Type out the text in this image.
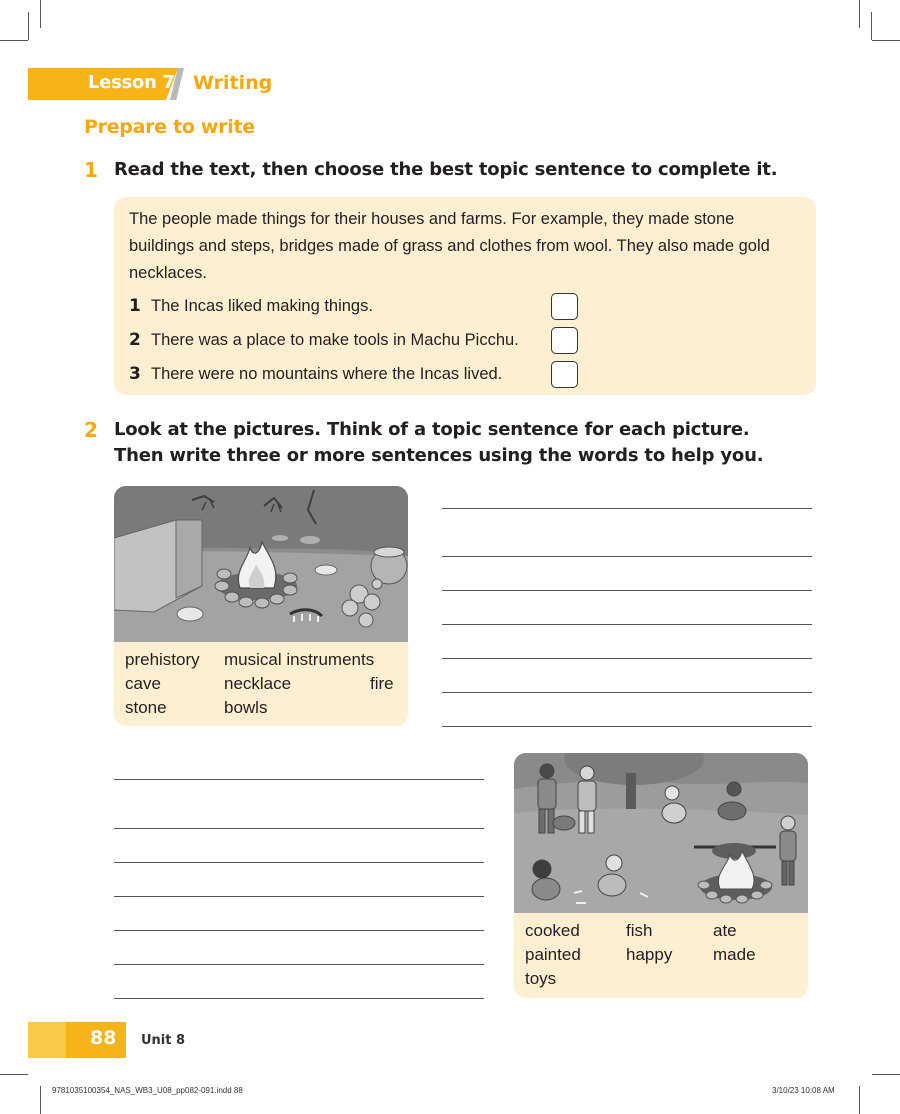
Lesson 7 Writing
Prepare to write
1 Read the text, then choose the best topic sentence to complete it.
The people made things for their houses and farms. For example, they made stone buildings and steps, bridges made of grass and clothes from wool. They also made gold necklaces.
1 The Incas liked making things.
2 There was a place to make tools in Machu Picchu.
3 There were no mountains where the Incas lived.
2 Look at the pictures. Think of a topic sentence for each picture.
Then write three or more sentences using the words to help you.
prehistory
cave
stone
musical instruments
necklace
bowls
fire
cooked
painted
toys
fish
happy
ate
made
88 Unit 8
9781035100354_NAS_WB3_U08_pp082-091.indd 88	3/10/23 10:08 AM
